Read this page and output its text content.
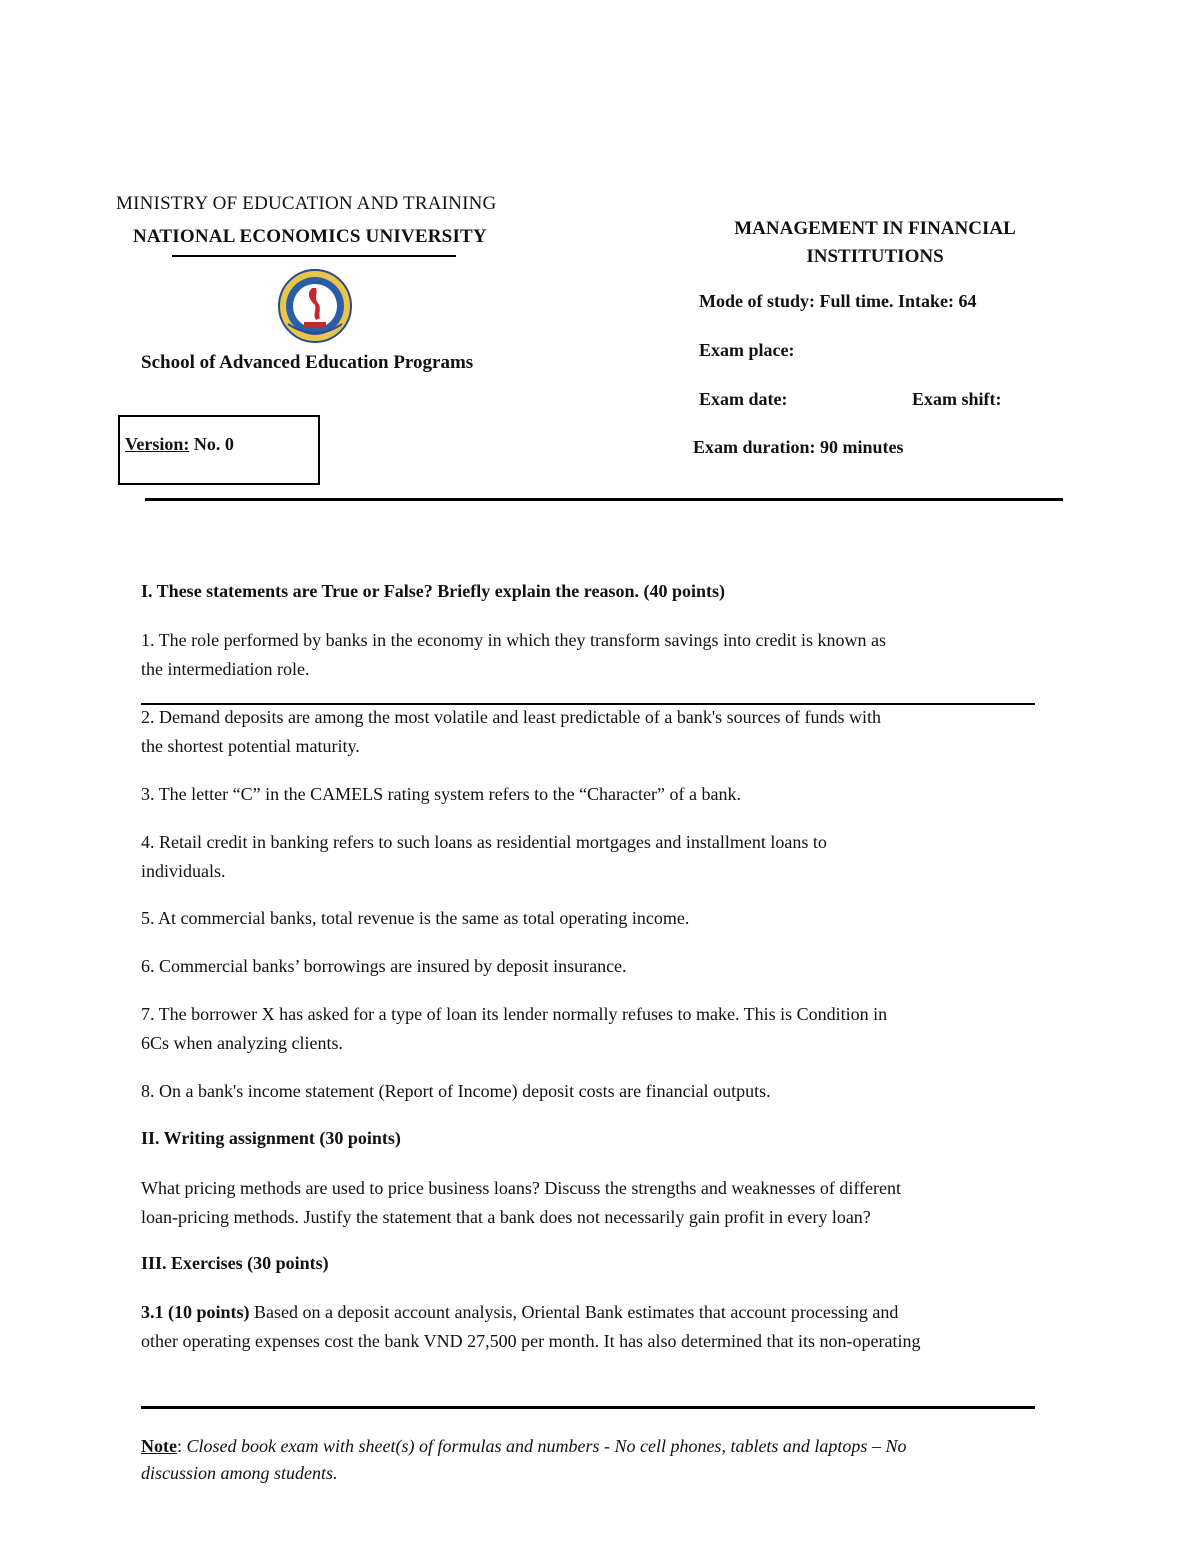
MINISTRY OF EDUCATION AND TRAINING
NATIONAL ECONOMICS UNIVERSITY
School of Advanced Education Programs
Version: No. 0
MANAGEMENT IN FINANCIAL
INSTITUTIONS
Mode of study: Full time. Intake: 64
Exam place:
Exam date:	Exam shift:
Exam duration: 90 minutes
I. These statements are True or False? Briefly explain the reason. (40 points)
1. The role performed by banks in the economy in which they transform savings into credit is known as
the intermediation role.
2. Demand deposits are among the most volatile and least predictable of a bank's sources of funds with
the shortest potential maturity.
3. The letter “C” in the CAMELS rating system refers to the “Character” of a bank.
4. Retail credit in banking refers to such loans as residential mortgages and installment loans to
individuals.
5. At commercial banks, total revenue is the same as total operating income.
6. Commercial banks’ borrowings are insured by deposit insurance.
7. The borrower X has asked for a type of loan its lender normally refuses to make. This is Condition in
6Cs when analyzing clients.
8. On a bank's income statement (Report of Income) deposit costs are financial outputs.
II. Writing assignment (30 points)
What pricing methods are used to price business loans? Discuss the strengths and weaknesses of different
loan-pricing methods. Justify the statement that a bank does not necessarily gain profit in every loan?
III. Exercises (30 points)
3.1 (10 points) Based on a deposit account analysis, Oriental Bank estimates that account processing and
other operating expenses cost the bank VND 27,500 per month. It has also determined that its non-operating
Note: Closed book exam with sheet(s) of formulas and numbers - No cell phones, tablets and laptops – No
discussion among students.
